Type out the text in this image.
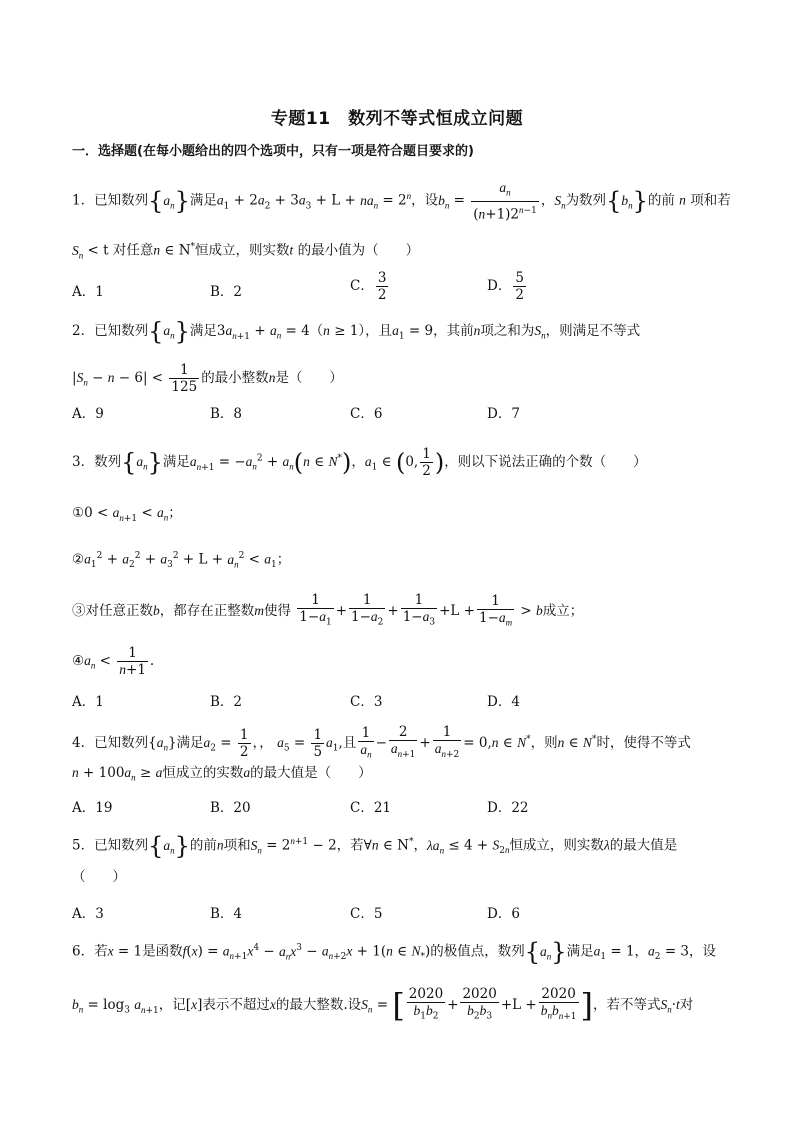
专题11　数列不等式恒成立问题
一．选择题(在每小题给出的四个选项中，只有一项是符合题目要求的)
1．已知数列$\{a_n\}$满足$a_1 + 2a_2 + 3a_3 + L + na_n = 2^n$，设$b_n = \frac{a_n}{(n+1)2^{n-1}}$ ，$S_n$为数列$\{b_n\}$的前 n 项和若
$S_n < t$ 对任意n ∈ N*恒成立，则实数t 的最小值为（　　）
A．1	B．2	C． $\frac{3}{2}$	D． $\frac{5}{2}$
2．已知数列$\{a_n\}$满足$3a_{n+1} + a_n = 4(n \ge 1)$，且$a_1 = 9$，其前n项之和为$S_n$，则满足不等式
$|S_n - n - 6| < \frac{1}{125}$ 的最小整数n是（　　）
A．9	B．8	C．6	D．7
3．数列$\{a_n\}$满足$a_{n+1} = -a_n^2 + a_n(n$ ∈ N*)，$a_1$ ∈ (0, $\frac{1}{2}$ )，则以下说法正确的个数（　　）
①0 < $a_{n+1} < a_n$；
$②a_1^2 + a_2^2 + a_3^2 + L + a_n^2 < a_1$；
③对任意正数b，都存在正整数m使得 $\frac{1}{1-a_1} + \frac{1}{1-a_2} + \frac{1}{1-a_3} +L + \frac{1}{1-a_m} > b$成立；
$④a_n < \frac{1}{n+1}$ .
A．1	B．2	C．3	D．4
4．已知数列$\{a_n\}$满足$a_2 = \frac{1}{2}$ ，， $a_5 = \frac{1}{5} a_1$,且 $\frac{1}{a_n} - \frac{2}{a_{n+1}} + \frac{1}{a_{n+2}} = 0,n$ ∈ N*，则n ∈ N*时，使得不等式
$n + 100a_n \ge a$恒成立的实数a的最大值是（　　）
A．19	B．20	C．21	D．22
5．已知数列$\{a_n\}$的前n项和$S_n = 2^{n+1} - 2$，若∀n ∈ N*，$\lambda a_n \le 4 + S_{2n}$恒成立，则实数λ的最大值是
（　　）
A．3	B．4	C．5	D．6
6．若x = 1是函数$f(x) = a_{n+1}x^4 - a_nx^3 - a_{n+2}x + 1(n$ ∈ $N_*$)的极值点，数列$\{a_n\}$满足$a_1 = 1$，$a_2 = 3$，设
$b_n = \log_3 a_{n+1}$，记[x]表示不超过x的最大整数.设$S_n$ = [ $\frac{2020}{b_1b_2} + \frac{2020}{b_2b_3} +L + \frac{2020}{b_nb_{n+1}}$ ]，若不等式$S_n\cdot t$对
